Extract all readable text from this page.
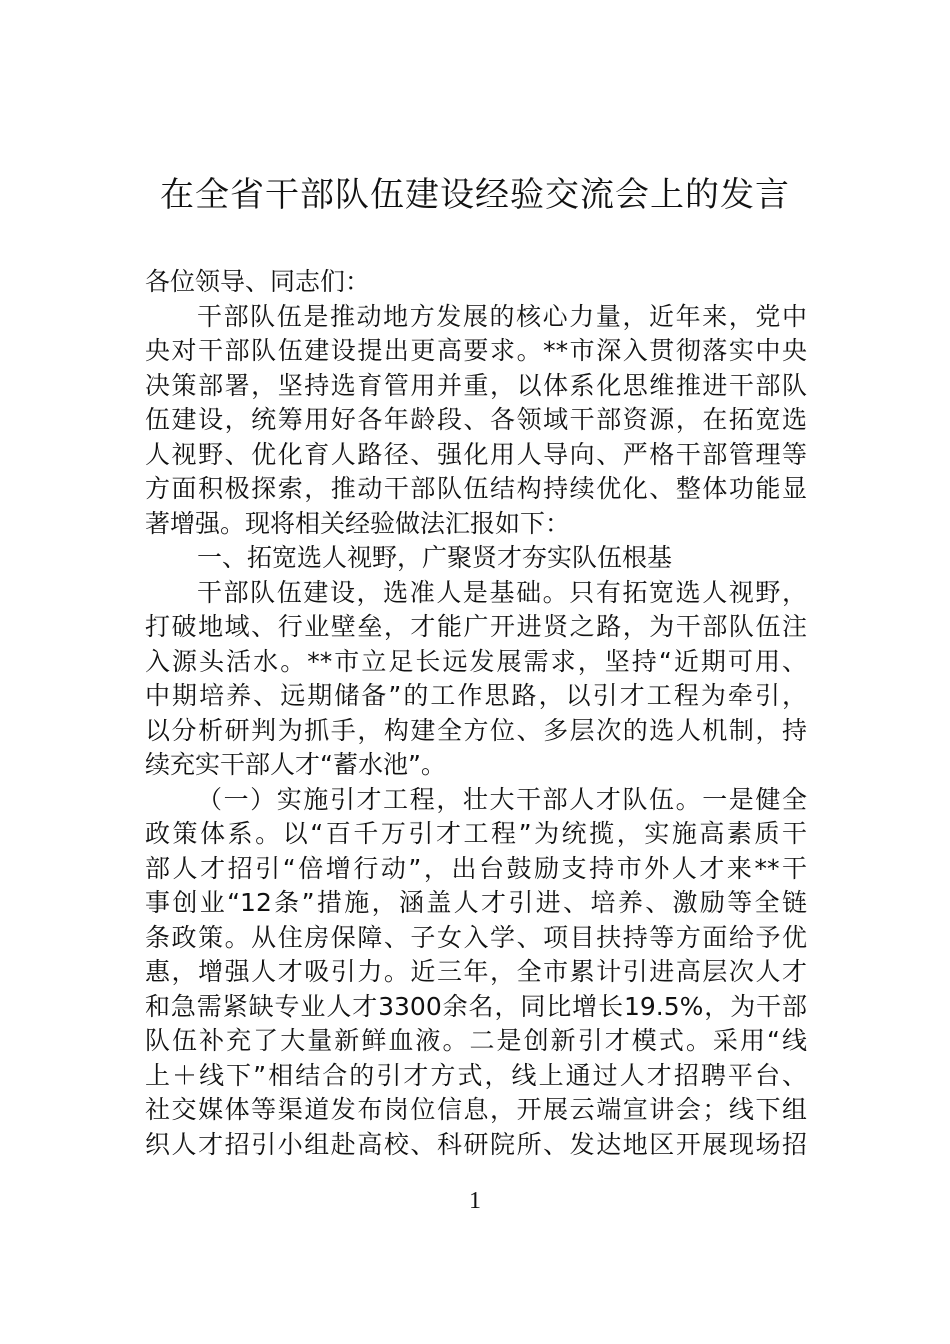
在全省干部队伍建设经验交流会上的发言
各位领导、同志们：
干部队伍是推动地方发展的核心力量，近年来，党中
央对干部队伍建设提出更高要求。**市深入贯彻落实中央
决策部署，坚持选育管用并重，以体系化思维推进干部队
伍建设，统筹用好各年龄段、各领域干部资源，在拓宽选
人视野、优化育人路径、强化用人导向、严格干部管理等
方面积极探索，推动干部队伍结构持续优化、整体功能显
著增强。现将相关经验做法汇报如下：
一、拓宽选人视野，广聚贤才夯实队伍根基
干部队伍建设，选准人是基础。只有拓宽选人视野，
打破地域、行业壁垒，才能广开进贤之路，为干部队伍注
入源头活水。**市立足长远发展需求，坚持“近期可用、
中期培养、远期储备”的工作思路，以引才工程为牵引，
以分析研判为抓手，构建全方位、多层次的选人机制，持
续充实干部人才“蓄水池”。
（一）实施引才工程，壮大干部人才队伍。一是健全
政策体系。以“百千万引才工程”为统揽，实施高素质干
部人才招引“倍增行动”，出台鼓励支持市外人才来**干
事创业“12条”措施，涵盖人才引进、培养、激励等全链
条政策。从住房保障、子女入学、项目扶持等方面给予优
惠，增强人才吸引力。近三年，全市累计引进高层次人才
和急需紧缺专业人才3300余名，同比增长19.5%，为干部
队伍补充了大量新鲜血液。二是创新引才模式。采用“线
上＋线下”相结合的引才方式，线上通过人才招聘平台、
社交媒体等渠道发布岗位信息，开展云端宣讲会；线下组
织人才招引小组赴高校、科研院所、发达地区开展现场招
1
